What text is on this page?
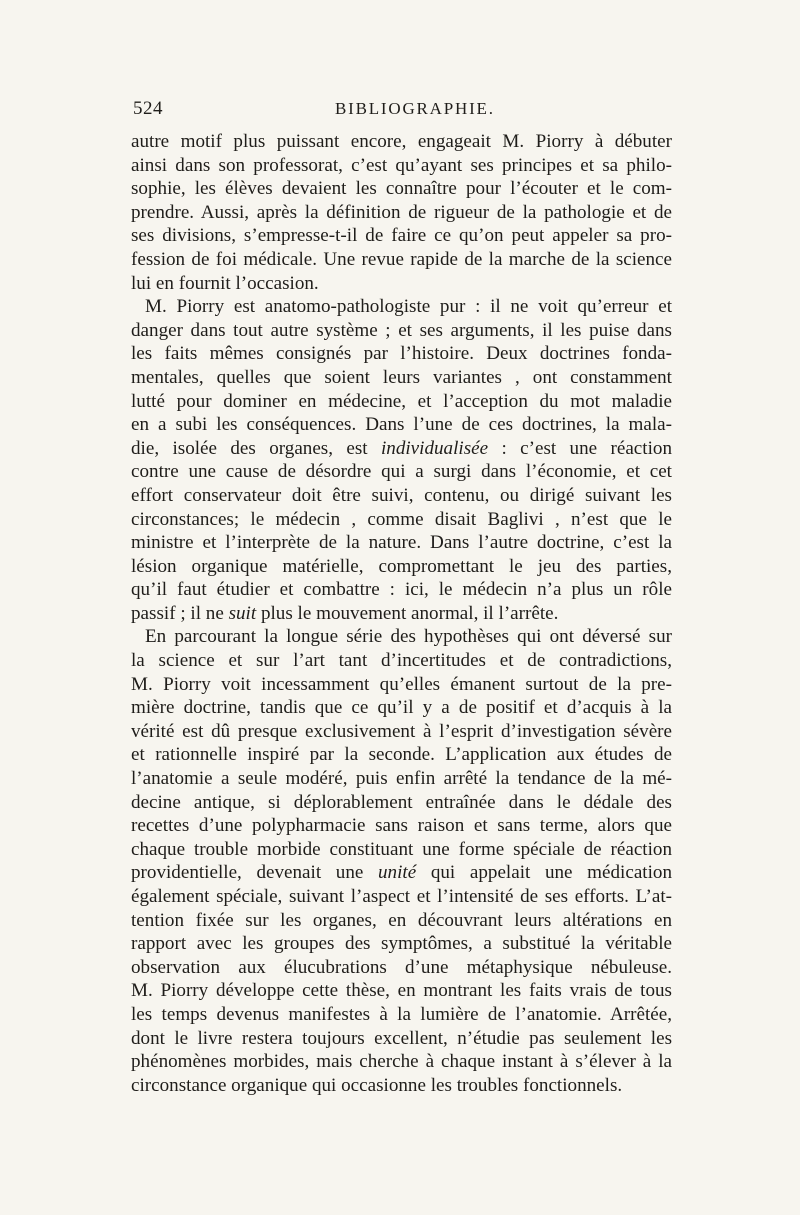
524	BIBLIOGRAPHIE.
autre motif plus puissant encore, engageait M. Piorry à débuter
ainsi dans son professorat, c’est qu’ayant ses principes et sa philo-
sophie, les élèves devaient les connaître pour l’écouter et le com-
prendre. Aussi, après la définition de rigueur de la pathologie et de
ses divisions, s’empresse-t-il de faire ce qu’on peut appeler sa pro-
fession de foi médicale. Une revue rapide de la marche de la science
lui en fournit l’occasion.
M. Piorry est anatomo-pathologiste pur : il ne voit qu’erreur et
danger dans tout autre système ; et ses arguments, il les puise dans
les faits mêmes consignés par l’histoire. Deux doctrines fonda-
mentales, quelles que soient leurs variantes , ont constamment
lutté pour dominer en médecine, et l’acception du mot maladie
en a subi les conséquences. Dans l’une de ces doctrines, la mala-
die, isolée des organes, est individualisée : c’est une réaction
contre une cause de désordre qui a surgi dans l’économie, et cet
effort conservateur doit être suivi, contenu, ou dirigé suivant les
circonstances; le médecin , comme disait Baglivi , n’est que le
ministre et l’interprète de la nature. Dans l’autre doctrine, c’est la
lésion organique matérielle, compromettant le jeu des parties,
qu’il faut étudier et combattre : ici, le médecin n’a plus un rôle
passif ; il ne suit plus le mouvement anormal, il l’arrête.
En parcourant la longue série des hypothèses qui ont déversé sur
la science et sur l’art tant d’incertitudes et de contradictions,
M. Piorry voit incessamment qu’elles émanent surtout de la pre-
mière doctrine, tandis que ce qu’il y a de positif et d’acquis à la
vérité est dû presque exclusivement à l’esprit d’investigation sévère
et rationnelle inspiré par la seconde. L’application aux études de
l’anatomie a seule modéré, puis enfin arrêté la tendance de la mé-
decine antique, si déplorablement entraînée dans le dédale des
recettes d’une polypharmacie sans raison et sans terme, alors que
chaque trouble morbide constituant une forme spéciale de réaction
providentielle, devenait une unité qui appelait une médication
également spéciale, suivant l’aspect et l’intensité de ses efforts. L’at-
tention fixée sur les organes, en découvrant leurs altérations en
rapport avec les groupes des symptômes, a substitué la véritable
observation aux élucubrations d’une métaphysique nébuleuse.
M. Piorry développe cette thèse, en montrant les faits vrais de tous
les temps devenus manifestes à la lumière de l’anatomie. Arrêtée,
dont le livre restera toujours excellent, n’étudie pas seulement les
phénomènes morbides, mais cherche à chaque instant à s’élever à la
circonstance organique qui occasionne les troubles fonctionnels.
